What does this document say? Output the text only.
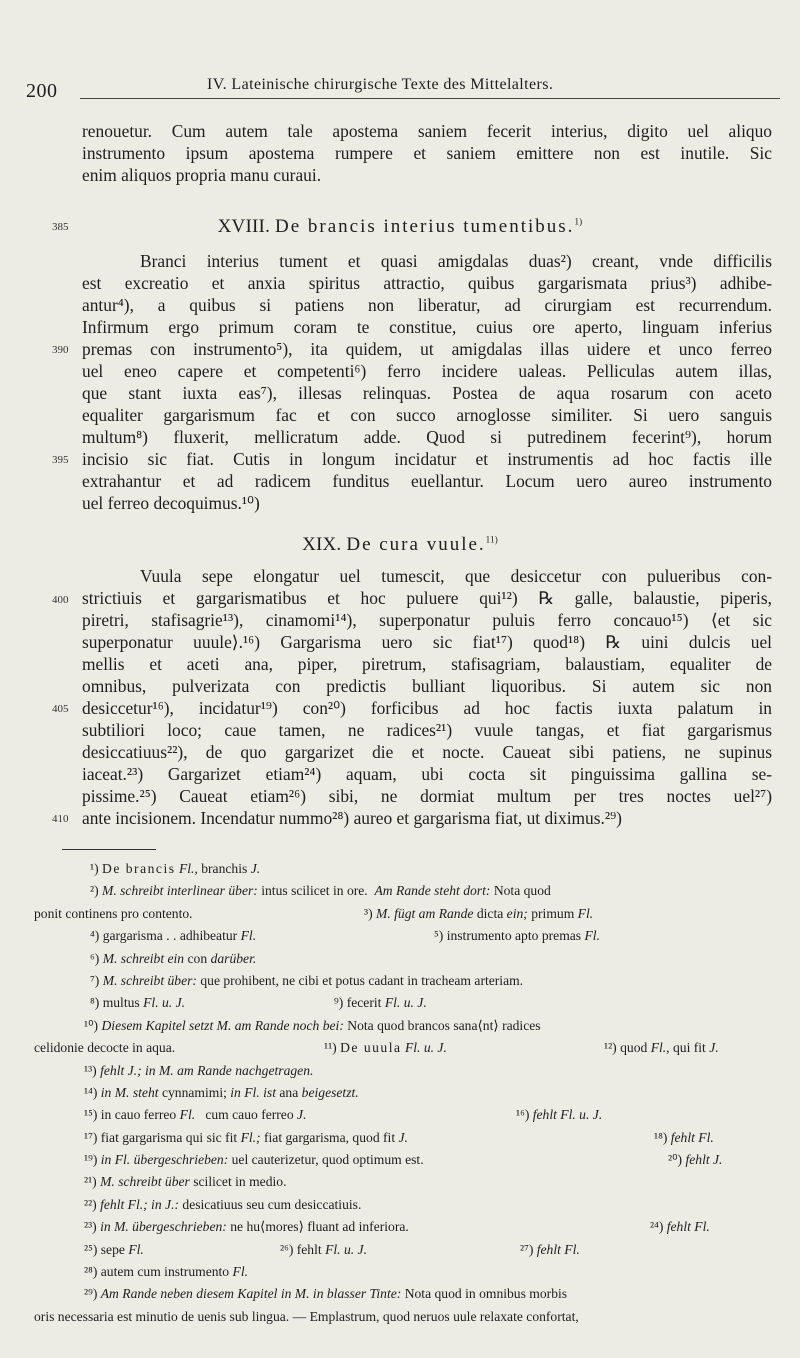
200	IV. Lateinische chirurgische Texte des Mittelalters.
renouetur. Cum autem tale apostema saniem fecerit interius, digito uel aliquo
instrumento ipsum apostema rumpere et saniem emittere non est inutile. Sic
enim aliquos propria manu curaui.
385	XVIII. De brancis interius tumentibus.$^{1)}$
Branci interius tument et quasi amigdalas duas²) creant, vnde difficilis
est excreatio et anxia spiritus attractio, quibus gargarismata prius³) adhibe-
antur⁴), a quibus si patiens non liberatur, ad cirurgiam est recurrendum.
Infirmum ergo primum coram te constitue, cuius ore aperto, linguam inferius
premas con instrumento⁵), ita quidem, ut amigdalas illas uidere et unco ferreo
uel eneo capere et competenti⁶) ferro incidere ualeas. Pelliculas autem illas,
que stant iuxta eas⁷), illesas relinquas. Postea de aqua rosarum con aceto
equaliter gargarismum fac et con succo arnoglosse similiter. Si uero sanguis
multum⁸) fluxerit, mellicratum adde. Quod si putredinem fecerint⁹), horum
incisio sic fiat. Cutis in longum incidatur et instrumentis ad hoc factis ille
extrahantur et ad radicem funditus euellantur. Locum uero aureo instrumento
uel ferreo decoquimus.¹⁰)
390
395
XIX. De cura vuule.$^{11)}$
Vuula sepe elongatur uel tumescit, que desiccetur con pulueribus con-
strictiuis et gargarismatibus et hoc puluere qui¹²) ℞ galle, balaustie, piperis,
piretri, stafisagrie¹³), cinamomi¹⁴), superponatur puluis ferro concauo¹⁵) ⟨et sic
superponatur uuule⟩.¹⁶) Gargarisma uero sic fiat¹⁷) quod¹⁸) ℞ uini dulcis uel
mellis et aceti ana, piper, piretrum, stafisagriam, balaustiam, equaliter de
omnibus, pulverizata con predictis bulliant liquoribus. Si autem sic non
desiccetur¹⁶), incidatur¹⁹) con²⁰) forficibus ad hoc factis iuxta palatum in
subtiliori loco; caue tamen, ne radices²¹) vuule tangas, et fiat gargarismus
desiccatiuus²²), de quo gargarizet die et nocte. Caueat sibi patiens, ne supinus
iaceat.²³) Gargarizet etiam²⁴) aquam, ubi cocta sit pinguissima gallina se-
pissime.²⁵) Caueat etiam²⁶) sibi, ne dormiat multum per tres noctes uel²⁷)
ante incisionem. Incendatur nummo²⁸) aureo et gargarisma fiat, ut diximus.²⁹)
400
405
410
¹) De brancis Fl., branchis J.
²) M. schreibt interlinear über: intus scilicet in ore. Am Rande steht dort: Nota quod
ponit continens pro contento.	³) M. fügt am Rande dicta ein; primum Fl.
⁴) gargarisma . . adhibeatur Fl.	⁵) instrumento apto premas Fl.
⁶) M. schreibt ein con darüber.
⁷) M. schreibt über: que prohibent, ne cibi et potus cadant in tracheam arteriam.
⁸) multus Fl. u. J.	⁹) fecerit Fl. u. J.
¹⁰) Diesem Kapitel setzt M. am Rande noch bei: Nota quod brancos sana⟨nt⟩ radices
celidonie decocte in aqua.	¹¹) De uuula Fl. u. J.	¹²) quod Fl., qui fit J.
¹³) fehlt J.; in M. am Rande nachgetragen.
¹⁴) in M. steht cynnamimi; in Fl. ist ana beigesetzt.
¹⁵) in cauo ferreo Fl. cum cauo ferreo J.	¹⁶) fehlt Fl. u. J.
¹⁷) fiat gargarisma qui sic fit Fl.; fiat gargarisma, quod fit J.	¹⁸) fehlt Fl.
¹⁹) in Fl. übergeschrieben: uel cauterizetur, quod optimum est.	²⁰) fehlt J.
²¹) M. schreibt über scilicet in medio.
²²) fehlt Fl.; in J.: desicatiuus seu cum desiccatiuis.
²³) in M. übergeschrieben: ne hu⟨mores⟩ fluant ad inferiora.	²⁴) fehlt Fl.
²⁵) sepe Fl.	²⁶) fehlt Fl. u. J.	²⁷) fehlt Fl.
²⁸) autem cum instrumento Fl.
²⁹) Am Rande neben diesem Kapitel in M. in blasser Tinte: Nota quod in omnibus morbis
oris necessaria est minutio de uenis sub lingua. — Emplastrum, quod neruos uule relaxate confortat,
